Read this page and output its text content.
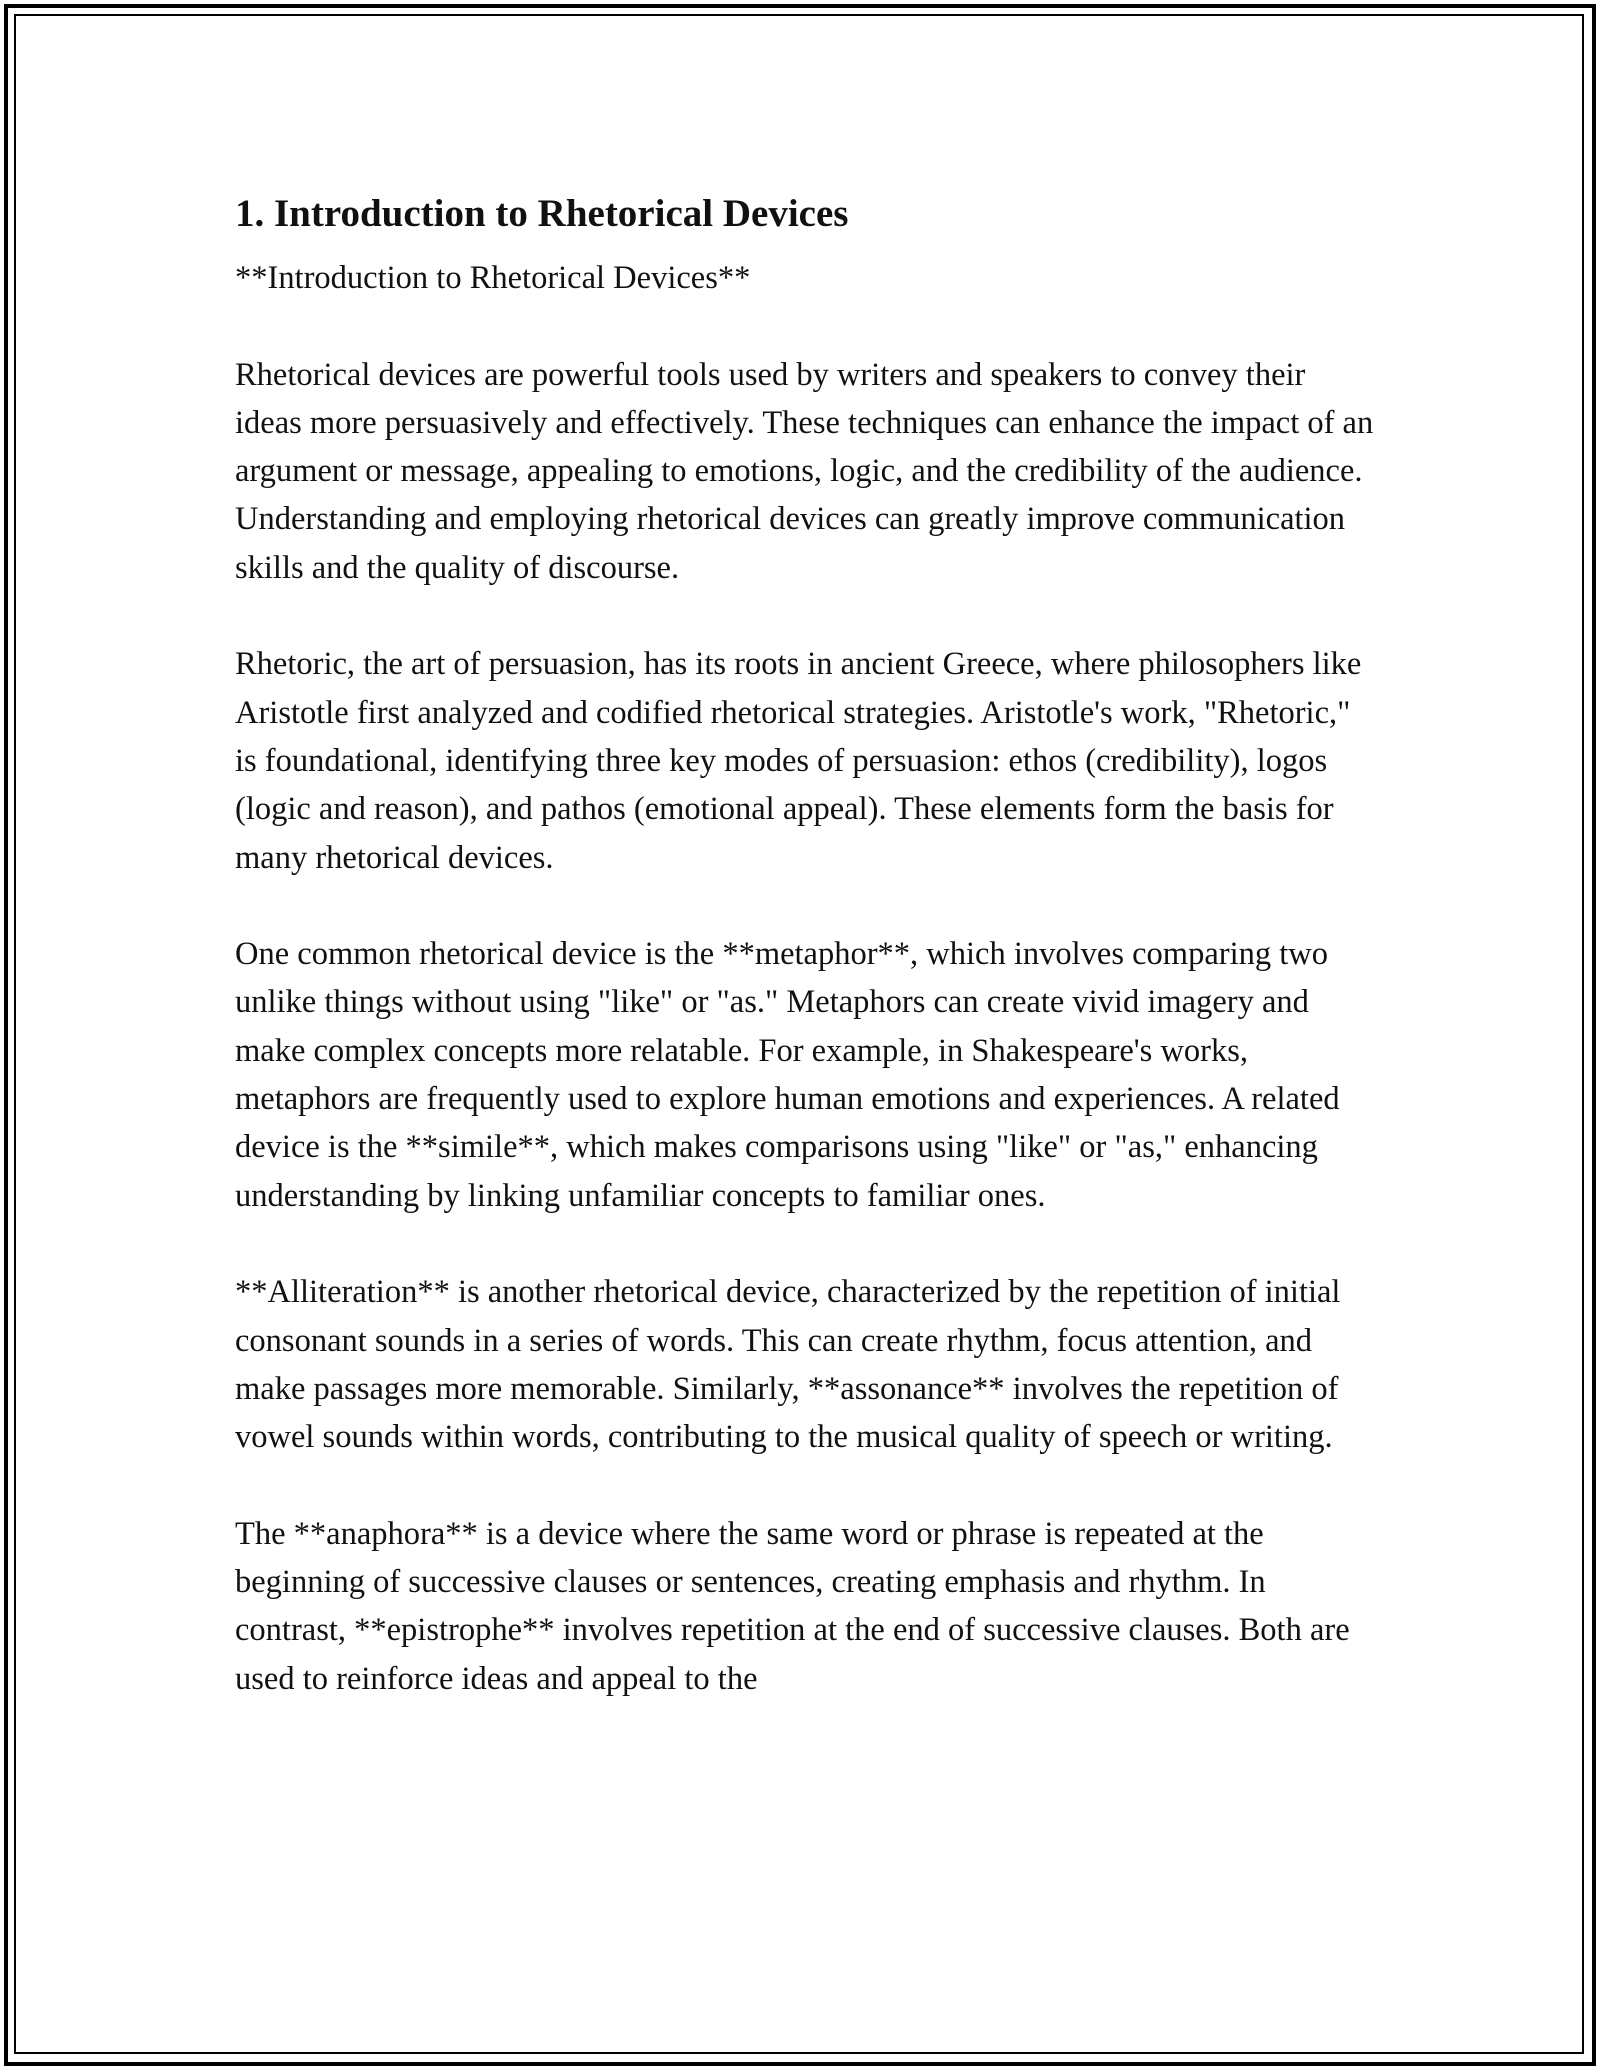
1. Introduction to Rhetorical Devices

**Introduction to Rhetorical Devices**

Rhetorical devices are powerful tools used by writers and speakers to convey their ideas more persuasively and effectively. These techniques can enhance the impact of an argument or message, appealing to emotions, logic, and the credibility of the audience. Understanding and employing rhetorical devices can greatly improve communication skills and the quality of discourse.

Rhetoric, the art of persuasion, has its roots in ancient Greece, where philosophers like Aristotle first analyzed and codified rhetorical strategies. Aristotle's work, "Rhetoric," is foundational, identifying three key modes of persuasion: ethos (credibility), logos (logic and reason), and pathos (emotional appeal). These elements form the basis for many rhetorical devices.

One common rhetorical device is the **metaphor**, which involves comparing two unlike things without using "like" or "as." Metaphors can create vivid imagery and make complex concepts more relatable. For example, in Shakespeare's works, metaphors are frequently used to explore human emotions and experiences. A related device is the **simile**, which makes comparisons using "like" or "as," enhancing understanding by linking unfamiliar concepts to familiar ones.

**Alliteration** is another rhetorical device, characterized by the repetition of initial consonant sounds in a series of words. This can create rhythm, focus attention, and make passages more memorable. Similarly, **assonance** involves the repetition of vowel sounds within words, contributing to the musical quality of speech or writing.

The **anaphora** is a device where the same word or phrase is repeated at the beginning of successive clauses or sentences, creating emphasis and rhythm. In contrast, **epistrophe** involves repetition at the end of successive clauses. Both are used to reinforce ideas and appeal to the
